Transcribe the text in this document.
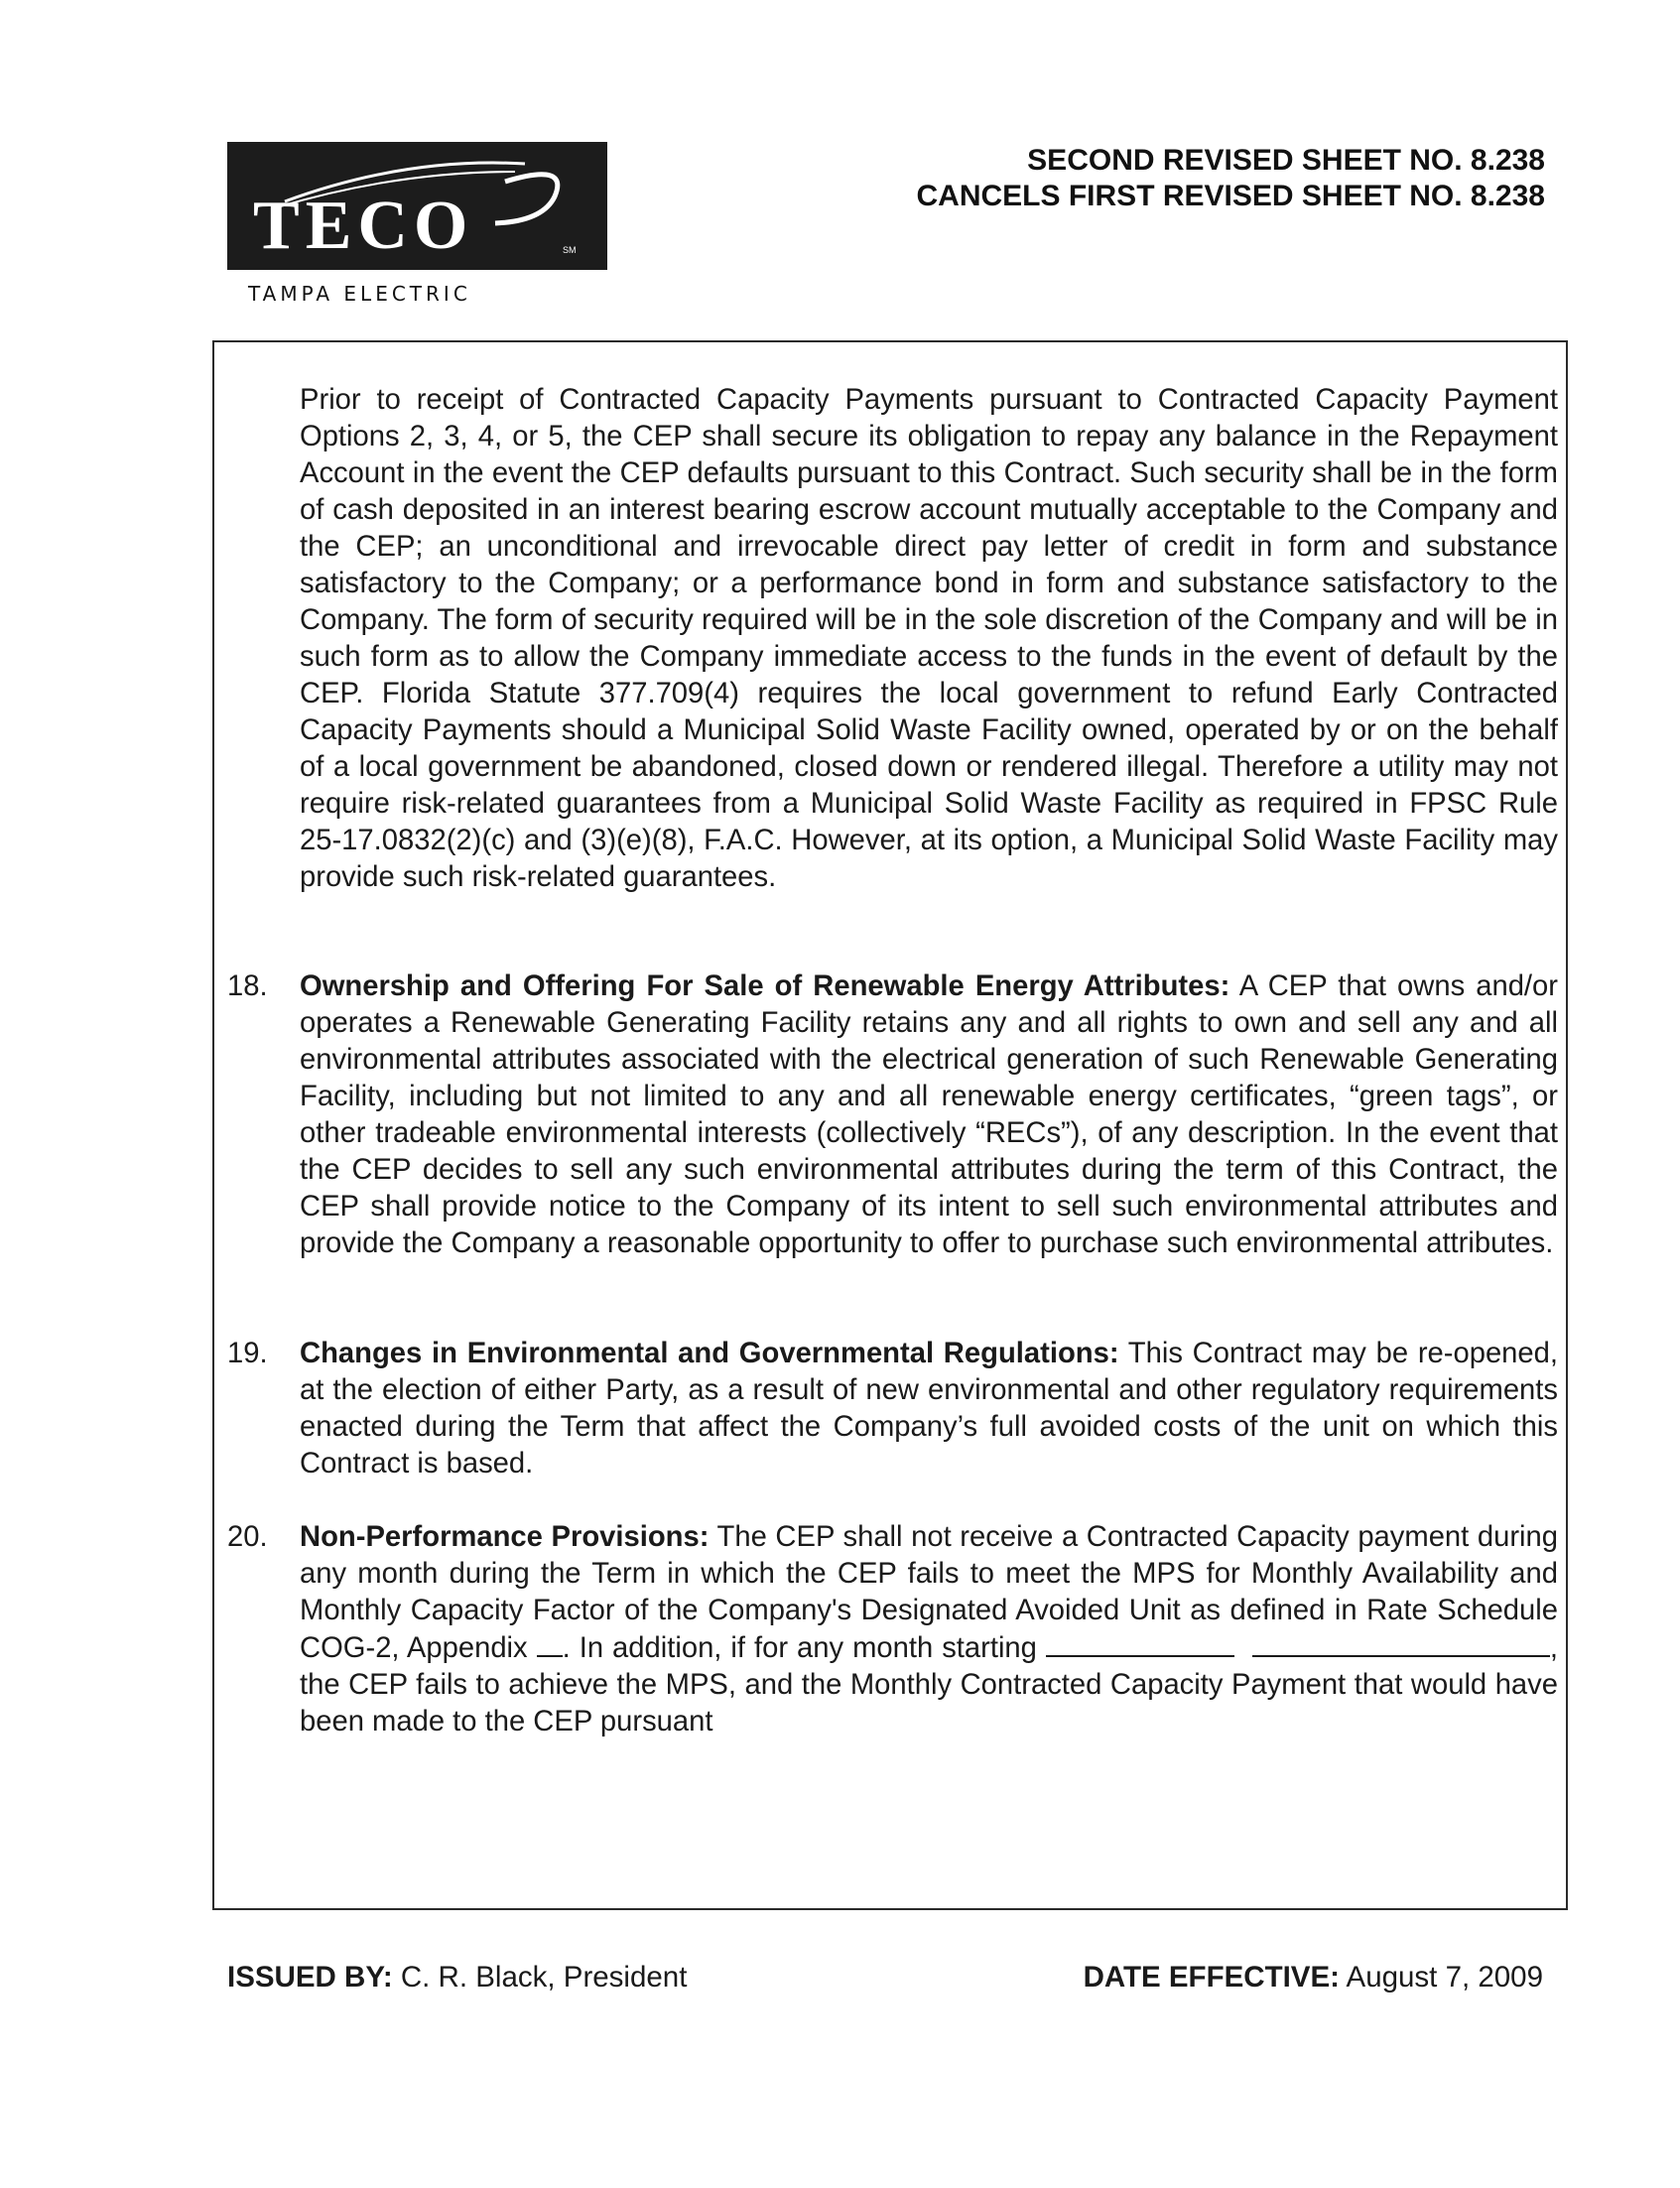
TECO	SM
TAMPA ELECTRIC
SECOND REVISED SHEET NO. 8.238
CANCELS FIRST REVISED SHEET NO. 8.238
Prior to receipt of Contracted Capacity Payments pursuant to Contracted Capacity Payment Options 2, 3, 4, or 5, the CEP shall secure its obligation to repay any balance in the Repayment Account in the event the CEP defaults pursuant to this Contract. Such security shall be in the form of cash deposited in an interest bearing escrow account mutually acceptable to the Company and the CEP; an unconditional and irrevocable direct pay letter of credit in form and substance satisfactory to the Company; or a performance bond in form and substance satisfactory to the Company. The form of security required will be in the sole discretion of the Company and will be in such form as to allow the Company immediate access to the funds in the event of default by the CEP. Florida Statute 377.709(4) requires the local government to refund Early Contracted Capacity Payments should a Municipal Solid Waste Facility owned, operated by or on the behalf of a local government be abandoned, closed down or rendered illegal. Therefore a utility may not require risk-related guarantees from a Municipal Solid Waste Facility as required in FPSC Rule 25-17.0832(2)(c) and (3)(e)(8), F.A.C. However, at its option, a Municipal Solid Waste Facility may provide such risk-related guarantees.
18.	Ownership and Offering For Sale of Renewable Energy Attributes: A CEP that owns and/or operates a Renewable Generating Facility retains any and all rights to own and sell any and all environmental attributes associated with the electrical generation of such Renewable Generating Facility, including but not limited to any and all renewable energy certificates, “green tags”, or other tradeable environmental interests (collectively “RECs”), of any description. In the event that the CEP decides to sell any such environmental attributes during the term of this Contract, the CEP shall provide notice to the Company of its intent to sell such environmental attributes and provide the Company a reasonable opportunity to offer to purchase such environmental attributes.
19.	Changes in Environmental and Governmental Regulations: This Contract may be re-opened, at the election of either Party, as a result of new environmental and other regulatory requirements enacted during the Term that affect the Company’s full avoided costs of the unit on which this Contract is based.
20.	Non-Performance Provisions: The CEP shall not receive a Contracted Capacity payment during any month during the Term in which the CEP fails to meet the MPS for Monthly Availability and Monthly Capacity Factor of the Company's Designated Avoided Unit as defined in Rate Schedule COG-2, Appendix . In addition, if for any month starting	, the CEP fails to achieve the MPS, and the Monthly Contracted Capacity Payment that would have been made to the CEP pursuant
ISSUED BY: C. R. Black, President	DATE EFFECTIVE: August 7, 2009
